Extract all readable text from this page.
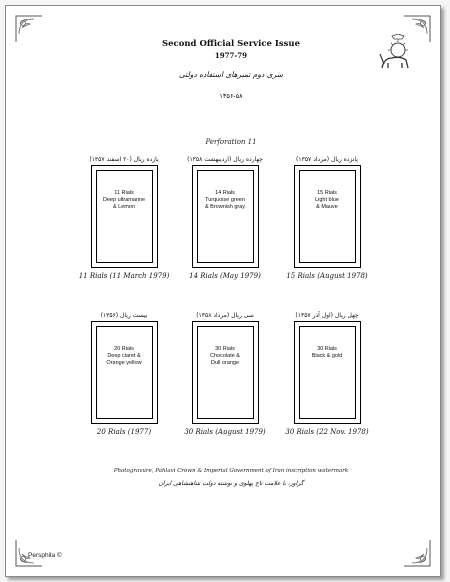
Second Official Service Issue
1977-79
سری دوم تمبرهای استفاده دولتی
۱۳۵۶-۵۸
Perforation 11
یازده ریال (۲۰ اسفند ۱۳۵۷)
11 Rials
Deep ultramarine
& Lemon
11 Rials (11 March 1979)
چهارده ریال (اردیبهشت ۱۳۵۸)
14 Rials
Turquoise green
& Brownish gray
14 Rials (May 1979)
پانزده ریال (مرداد ۱۳۵۷)
15 Rials
Light blue
& Mauve
15 Rials (August 1978)
بیست ریال (۱۳۵۶)
20 Rials
Deep claret &
Orange yellow
20 Rials (1977)
سی ریال (مرداد ۱۳۵۸)
30 Rials
Chocolate &
Dull orange
30 Rials (August 1979)
چهل ریال (اول آذر ۱۳۵۷)
30 Rials
Black & gold
30 Rials (22 Nov. 1978)
Photogravure, Pahlavi Crown & Imperial Government of Iran inscription watermark
گراور، با علامت تاج پهلوی و نوشته دولت شاهنشاهی ایران
Persphila ©
